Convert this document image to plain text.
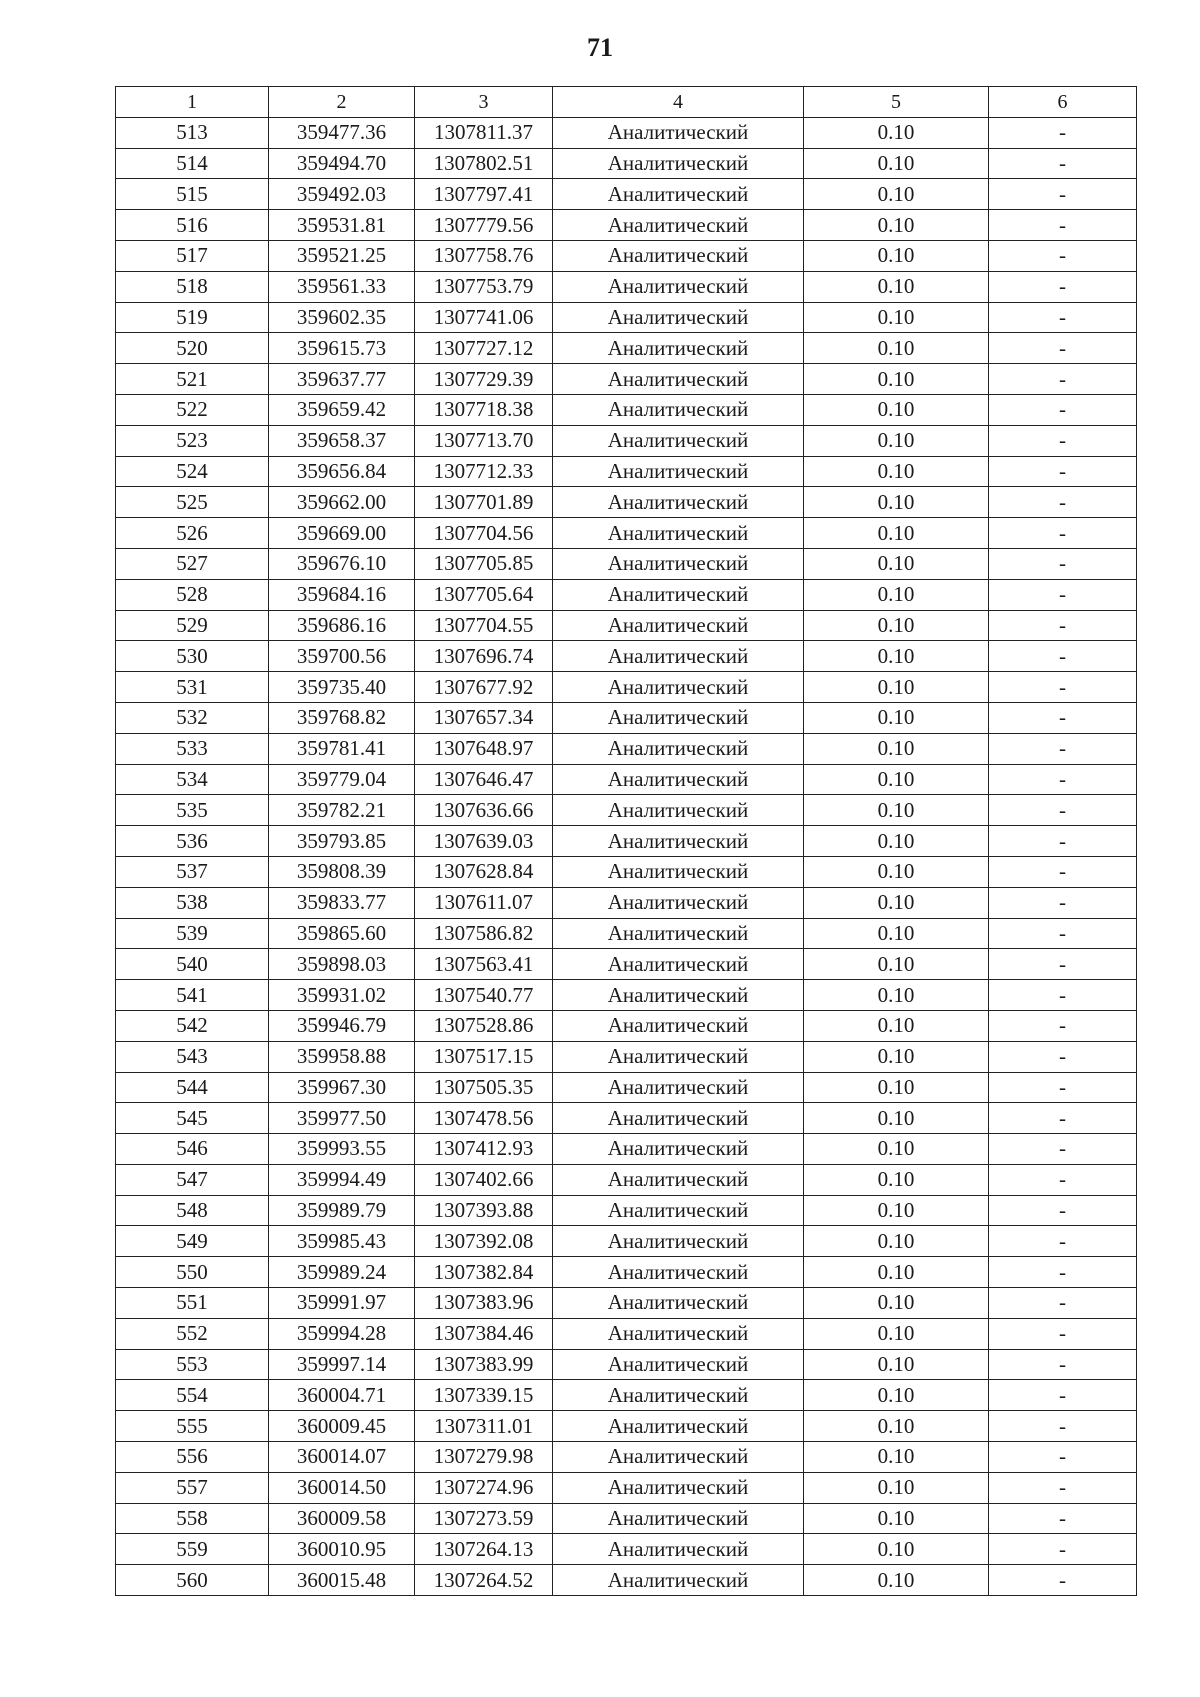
71
1	2	3	4	5	6
513	359477.36	1307811.37	Аналитический	0.10	-
514	359494.70	1307802.51	Аналитический	0.10	-
515	359492.03	1307797.41	Аналитический	0.10	-
516	359531.81	1307779.56	Аналитический	0.10	-
517	359521.25	1307758.76	Аналитический	0.10	-
518	359561.33	1307753.79	Аналитический	0.10	-
519	359602.35	1307741.06	Аналитический	0.10	-
520	359615.73	1307727.12	Аналитический	0.10	-
521	359637.77	1307729.39	Аналитический	0.10	-
522	359659.42	1307718.38	Аналитический	0.10	-
523	359658.37	1307713.70	Аналитический	0.10	-
524	359656.84	1307712.33	Аналитический	0.10	-
525	359662.00	1307701.89	Аналитический	0.10	-
526	359669.00	1307704.56	Аналитический	0.10	-
527	359676.10	1307705.85	Аналитический	0.10	-
528	359684.16	1307705.64	Аналитический	0.10	-
529	359686.16	1307704.55	Аналитический	0.10	-
530	359700.56	1307696.74	Аналитический	0.10	-
531	359735.40	1307677.92	Аналитический	0.10	-
532	359768.82	1307657.34	Аналитический	0.10	-
533	359781.41	1307648.97	Аналитический	0.10	-
534	359779.04	1307646.47	Аналитический	0.10	-
535	359782.21	1307636.66	Аналитический	0.10	-
536	359793.85	1307639.03	Аналитический	0.10	-
537	359808.39	1307628.84	Аналитический	0.10	-
538	359833.77	1307611.07	Аналитический	0.10	-
539	359865.60	1307586.82	Аналитический	0.10	-
540	359898.03	1307563.41	Аналитический	0.10	-
541	359931.02	1307540.77	Аналитический	0.10	-
542	359946.79	1307528.86	Аналитический	0.10	-
543	359958.88	1307517.15	Аналитический	0.10	-
544	359967.30	1307505.35	Аналитический	0.10	-
545	359977.50	1307478.56	Аналитический	0.10	-
546	359993.55	1307412.93	Аналитический	0.10	-
547	359994.49	1307402.66	Аналитический	0.10	-
548	359989.79	1307393.88	Аналитический	0.10	-
549	359985.43	1307392.08	Аналитический	0.10	-
550	359989.24	1307382.84	Аналитический	0.10	-
551	359991.97	1307383.96	Аналитический	0.10	-
552	359994.28	1307384.46	Аналитический	0.10	-
553	359997.14	1307383.99	Аналитический	0.10	-
554	360004.71	1307339.15	Аналитический	0.10	-
555	360009.45	1307311.01	Аналитический	0.10	-
556	360014.07	1307279.98	Аналитический	0.10	-
557	360014.50	1307274.96	Аналитический	0.10	-
558	360009.58	1307273.59	Аналитический	0.10	-
559	360010.95	1307264.13	Аналитический	0.10	-
560	360015.48	1307264.52	Аналитический	0.10	-
